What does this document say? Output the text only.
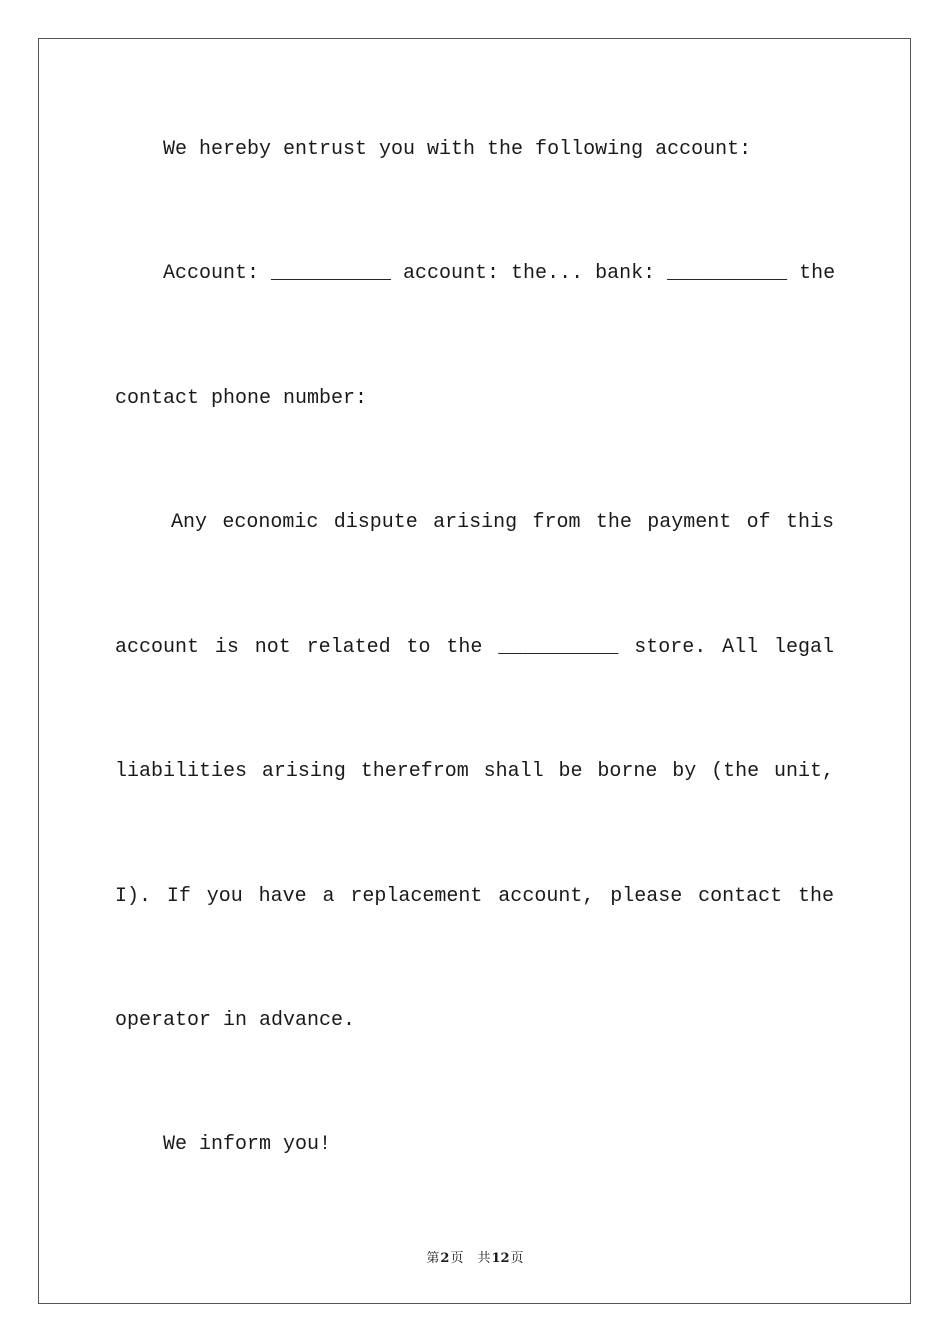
We hereby entrust you with the following account:
Account: __________ account: the... bank: __________ the
contact phone number:
Any economic dispute arising from the payment of this
account is not related to the __________ store. All legal
liabilities arising therefrom shall be borne by (the unit,
I). If you have a replacement account, please contact the
operator in advance.
We inform you!
第2页 共12页
